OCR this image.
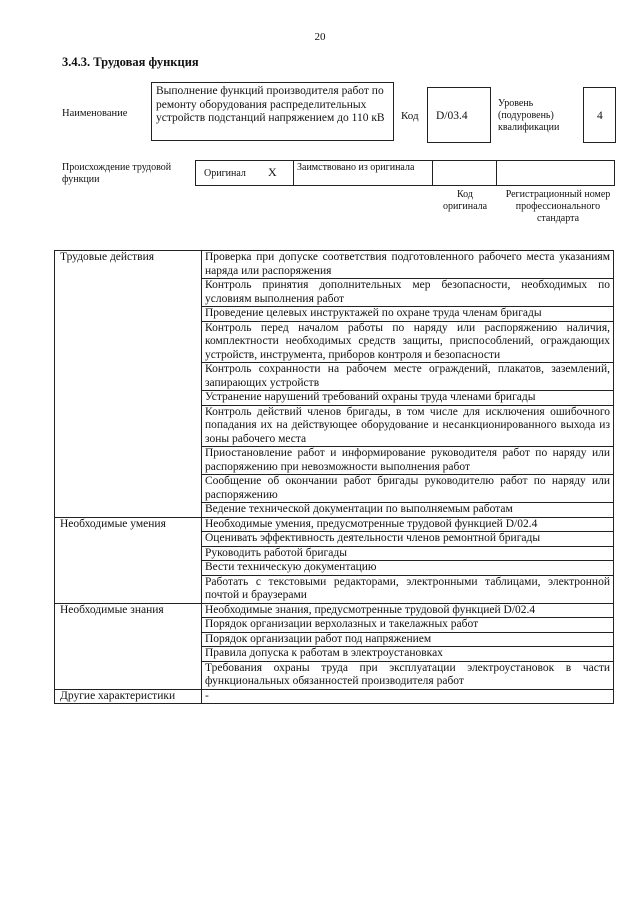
20
3.4.3. Трудовая функция
Наименование
Выполнение функций производителя работ по ремонту оборудования распределительных устройств подстанций напряжением до 110 кВ	Код D/03.4
Уровень (подуровень) квалификации
4
Происхождение трудовой функции
Оригинал X Заимствовано из оригинала
Код оригинала
Регистрационный номер профессионального стандарта
Трудовые действия	Проверка при допуске соответствия подготовленного рабочего места указаниям наряда или распоряжения
	Контроль принятия дополнительных мер безопасности, необходимых по условиям выполнения работ
	Проведение целевых инструктажей по охране труда членам бригады
	Контроль перед началом работы по наряду или распоряжению наличия, комплектности необходимых средств защиты, приспособлений, ограждающих устройств, инструмента, приборов контроля и безопасности
	Контроль сохранности на рабочем месте ограждений, плакатов, заземлений, запирающих устройств
	Устранение нарушений требований охраны труда членами бригады
	Контроль действий членов бригады, в том числе для исключения ошибочного попадания их на действующее оборудование и несанкционированного выхода из зоны рабочего места
	Приостановление работ и информирование руководителя работ по наряду или распоряжению при невозможности выполнения работ
	Сообщение об окончании работ бригады руководителю работ по наряду или распоряжению
	Ведение технической документации по выполняемым работам
Необходимые умения	Необходимые умения, предусмотренные трудовой функцией D/02.4
	Оценивать эффективность деятельности членов ремонтной бригады
	Руководить работой бригады
	Вести техническую документацию
	Работать с текстовыми редакторами, электронными таблицами, электронной почтой и браузерами
Необходимые знания	Необходимые знания, предусмотренные трудовой функцией D/02.4
	Порядок организации верхолазных и такелажных работ
	Порядок организации работ под напряжением
	Правила допуска к работам в электроустановках
	Требования охраны труда при эксплуатации электроустановок в части функциональных обязанностей производителя работ
Другие характеристики	-
